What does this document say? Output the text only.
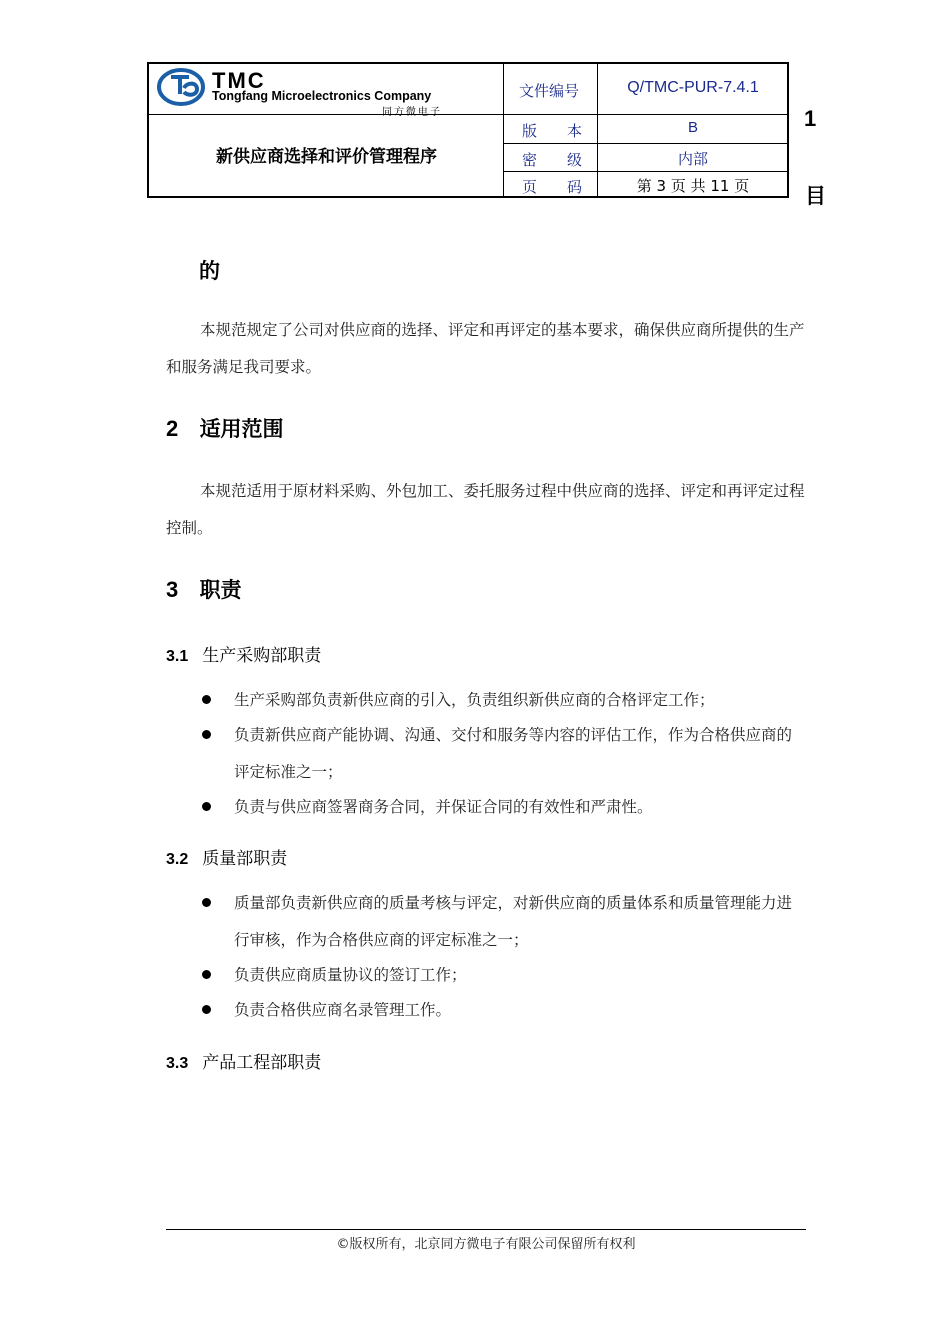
TMC
Tongfang Microelectronics Company
同方微电子
新供应商选择和评价管理程序
文件编号	Q/TMC-PUR-7.4.1
版　　本	B
密　　级	内部
页　　码	第 3 页 共 11 页
1
目
的
本规范规定了公司对供应商的选择、评定和再评定的基本要求，确保供应商所提供的生产和服务满足我司要求。
2 适用范围
本规范适用于原材料采购、外包加工、委托服务过程中供应商的选择、评定和再评定过程控制。
3 职责
3.1 生产采购部职责
生产采购部负责新供应商的引入，负责组织新供应商的合格评定工作；
负责新供应商产能协调、沟通、交付和服务等内容的评估工作，作为合格供应商的评定标准之一；
负责与供应商签署商务合同，并保证合同的有效性和严肃性。
3.2 质量部职责
质量部负责新供应商的质量考核与评定，对新供应商的质量体系和质量管理能力进行审核，作为合格供应商的评定标准之一；
负责供应商质量协议的签订工作；
负责合格供应商名录管理工作。
3.3 产品工程部职责
©版权所有，北京同方微电子有限公司保留所有权利
